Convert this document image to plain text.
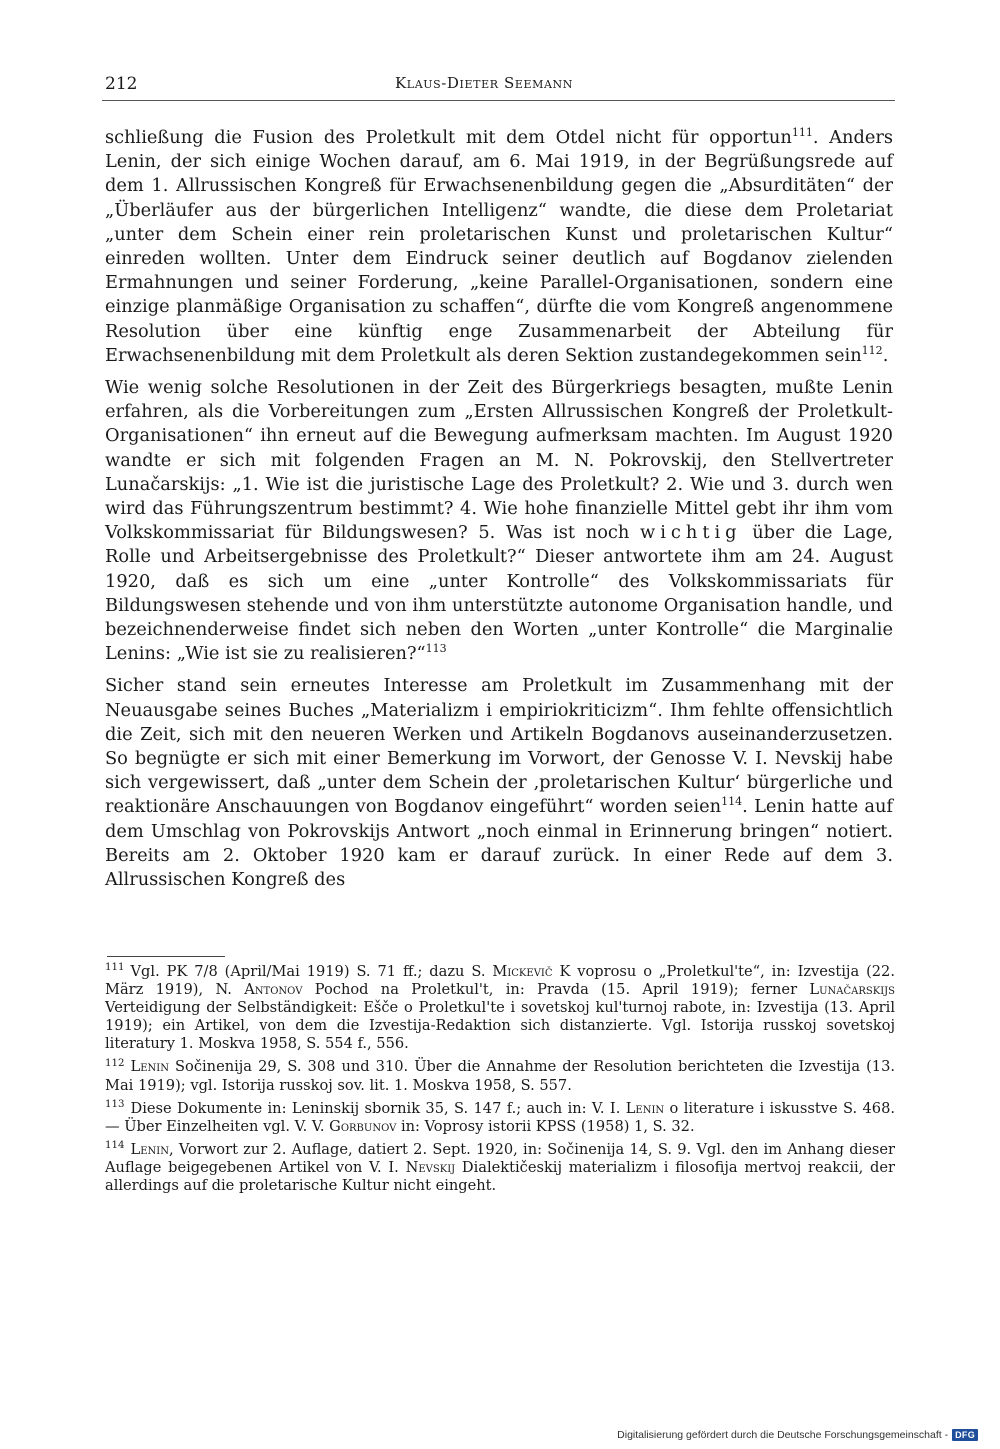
212	Klaus-Dieter Seemann

schließung die Fusion des Proletkult mit dem Otdel nicht für opportun$^{111}$. Anders Lenin, der sich einige Wochen darauf, am 6. Mai 1919, in der Begrüßungsrede auf dem 1. Allrussischen Kongreß für Erwachsenenbildung gegen die „Absurditäten“ der „Überläufer aus der bürgerlichen Intelligenz“ wandte, die diese dem Proletariat „unter dem Schein einer rein proletarischen Kunst und proletarischen Kultur“ einreden wollten. Unter dem Eindruck seiner deutlich auf Bogdanov zielenden Ermahnungen und seiner Forderung, „keine Parallel-Organisationen, sondern eine einzige planmäßige Organisation zu schaffen“, dürfte die vom Kongreß angenommene Resolution über eine künftig enge Zusammenarbeit der Abteilung für Erwachsenenbildung mit dem Proletkult als deren Sektion zustandegekommen sein$^{112}$.

Wie wenig solche Resolutionen in der Zeit des Bürgerkriegs besagten, mußte Lenin erfahren, als die Vorbereitungen zum „Ersten Allrussischen Kongreß der Proletkult-Organisationen“ ihn erneut auf die Bewegung aufmerksam machten. Im August 1920 wandte er sich mit folgenden Fragen an M. N. Pokrovskij, den Stellvertreter Lunačarskijs: „1. Wie ist die juristische Lage des Proletkult? 2. Wie und 3. durch wen wird das Führungszentrum bestimmt? 4. Wie hohe finanzielle Mittel gebt ihr ihm vom Volkskommissariat für Bildungswesen? 5. Was ist noch wichtig über die Lage, Rolle und Arbeitsergebnisse des Proletkult?“ Dieser antwortete ihm am 24. August 1920, daß es sich um eine „unter Kontrolle“ des Volkskommissariats für Bildungswesen stehende und von ihm unterstützte autonome Organisation handle, und bezeichnenderweise findet sich neben den Worten „unter Kontrolle“ die Marginalie Lenins: „Wie ist sie zu realisieren?“$^{113}$

Sicher stand sein erneutes Interesse am Proletkult im Zusammenhang mit der Neuausgabe seines Buches „Materializm i empiriokriticizm“. Ihm fehlte offensichtlich die Zeit, sich mit den neueren Werken und Artikeln Bogdanovs auseinanderzusetzen. So begnügte er sich mit einer Bemerkung im Vorwort, der Genosse V. I. Nevskij habe sich vergewissert, daß „unter dem Schein der ‚proletarischen Kultur‘ bürgerliche und reaktionäre Anschauungen von Bogdanov eingeführt“ worden seien$^{114}$. Lenin hatte auf dem Umschlag von Pokrovskijs Antwort „noch einmal in Erinnerung bringen“ notiert. Bereits am 2. Oktober 1920 kam er darauf zurück. In einer Rede auf dem 3. Allrussischen Kongreß des

$^{111}$ Vgl. PK 7/8 (April/Mai 1919) S. 71 ff.; dazu S. Mickevič K voprosu o „Proletkul'te“, in: Izvestija (22. März 1919), N. Antonov Pochod na Proletkul't, in: Pravda (15. April 1919); ferner Lunačarskijs Verteidigung der Selbständigkeit: Ešče o Proletkul'te i sovetskoj kul'turnoj rabote, in: Izvestija (13. April 1919); ein Artikel, von dem die Izvestija-Redaktion sich distanzierte. Vgl. Istorija russkoj sovetskoj literatury 1. Moskva 1958, S. 554 f., 556.
$^{112}$ Lenin Sočinenija 29, S. 308 und 310. Über die Annahme der Resolution berichteten die Izvestija (13. Mai 1919); vgl. Istorija russkoj sov. lit. 1. Moskva 1958, S. 557.
$^{113}$ Diese Dokumente in: Leninskij sbornik 35, S. 147 f.; auch in: V. I. Lenin o literature i iskusstve S. 468. — Über Einzelheiten vgl. V. V. Gorbunov in: Voprosy istorii KPSS (1958) 1, S. 32.
$^{114}$ Lenin, Vorwort zur 2. Auflage, datiert 2. Sept. 1920, in: Sočinenija 14, S. 9. Vgl. den im Anhang dieser Auflage beigegebenen Artikel von V. I. Nevskij Dialektičeskij materializm i filosofija mertvoj reakcii, der allerdings auf die proletarische Kultur nicht eingeht.
Digitalisierung gefördert durch die Deutsche Forschungsgemeinschaft - DFG
